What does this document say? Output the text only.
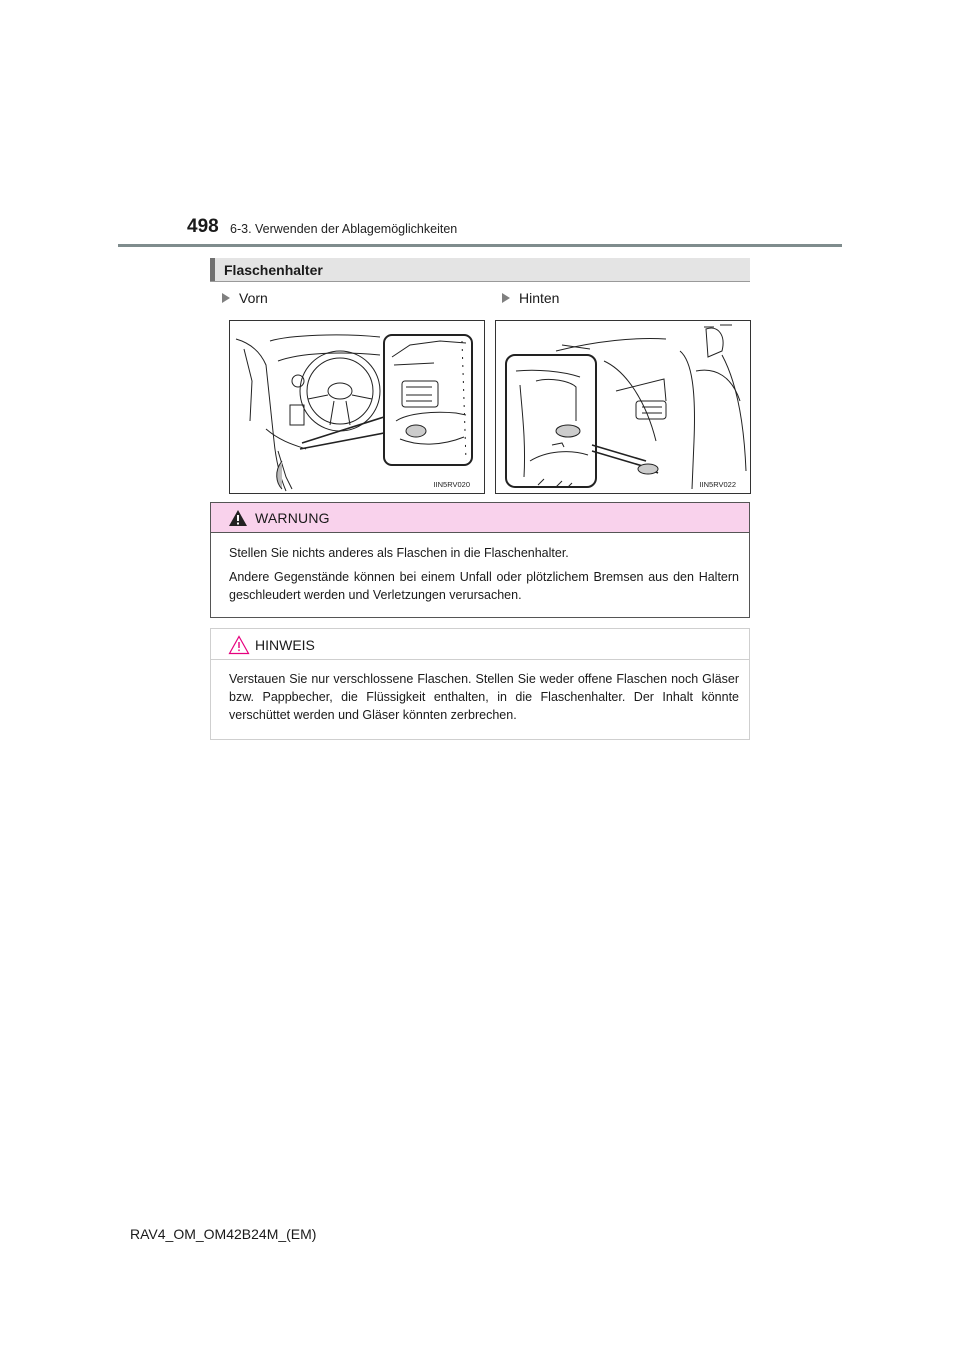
498 6-3. Verwenden der Ablagemöglichkeiten
Flaschenhalter
Vorn	Hinten
IIN5RV020	IIN5RV022
WARNUNG
Stellen Sie nichts anderes als Flaschen in die Flaschenhalter.
Andere Gegenstände können bei einem Unfall oder plötzlichem Bremsen aus den Haltern geschleudert werden und Verletzungen verursachen.
HINWEIS
Verstauen Sie nur verschlossene Flaschen. Stellen Sie weder offene Flaschen noch Gläser bzw. Pappbecher, die Flüssigkeit enthalten, in die Flaschenhalter. Der Inhalt könnte verschüttet werden und Gläser könnten zerbrechen.
RAV4_OM_OM42B24M_(EM)
